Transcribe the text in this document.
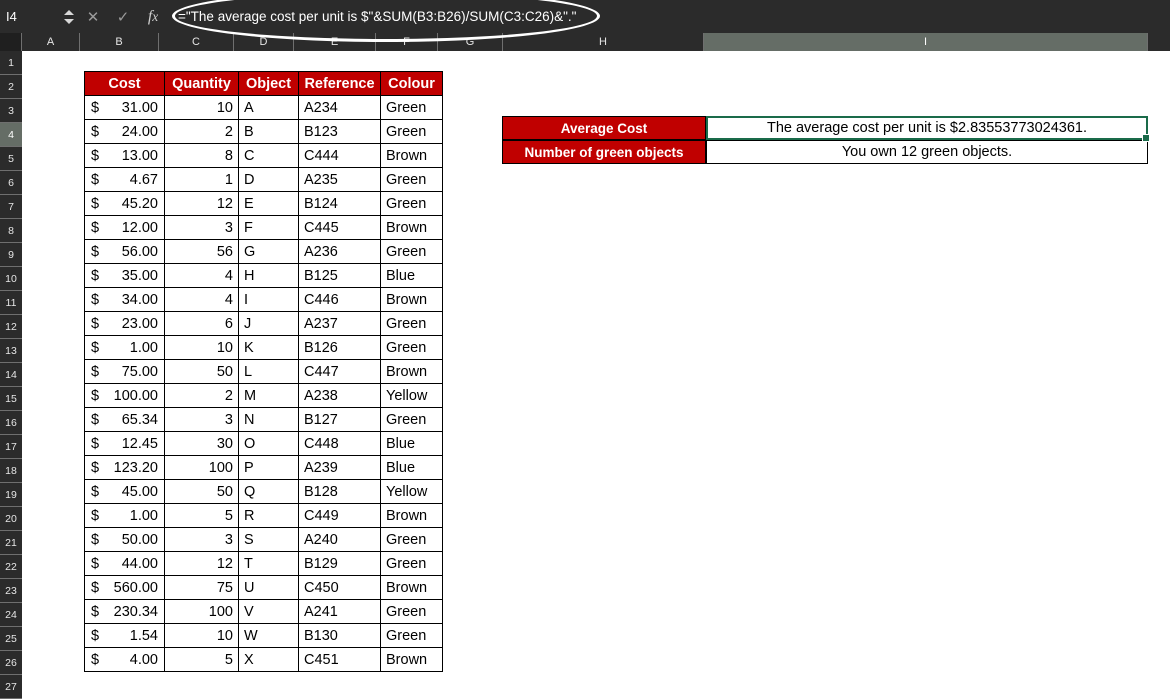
I4	✕	✓	f x ="The average cost per unit is $"&SUM(B3:B26)/SUM(C3:C26)&"."
A	B	C	D	E	F	G	H	I
1
2
3
4
5
6
7
8
9
10
11
12
13
14
15
16
17
18
19
20
21
22
23
24
25
26
27
Cost	Quantity	Object	Reference	Colour

$ 31.00	10	A	A234	Green

$ 24.00	2	B	B123	Green

$ 13.00	8	C	C444	Brown

$ 4.67	1	D	A235	Green

$ 45.20	12	E	B124	Green

$ 12.00	3	F	C445	Brown

$ 56.00	56	G	A236	Green

$ 35.00	4	H	B125	Blue

$ 34.00	4	I	C446	Brown

$ 23.00	6	J	A237	Green

$ 1.00	10	K	B126	Green

$ 75.00	50	L	C447	Brown

$ 100.00	2	M	A238	Yellow

$ 65.34	3	N	B127	Green

$ 12.45	30	O	C448	Blue

$ 123.20	100	P	A239	Blue

$ 45.00	50	Q	B128	Yellow

$ 1.00	5	R	C449	Brown

$ 50.00	3	S	A240	Green

$ 44.00	12	T	B129	Green

$ 560.00	75	U	C450	Brown

$ 230.34	100	V	A241	Green

$ 1.54	10	W	B130	Green

$ 4.00	5	X	C451	Brown
Average Cost	The average cost per unit is $2.83553773024361.
Number of green objects	You own 12 green objects.
